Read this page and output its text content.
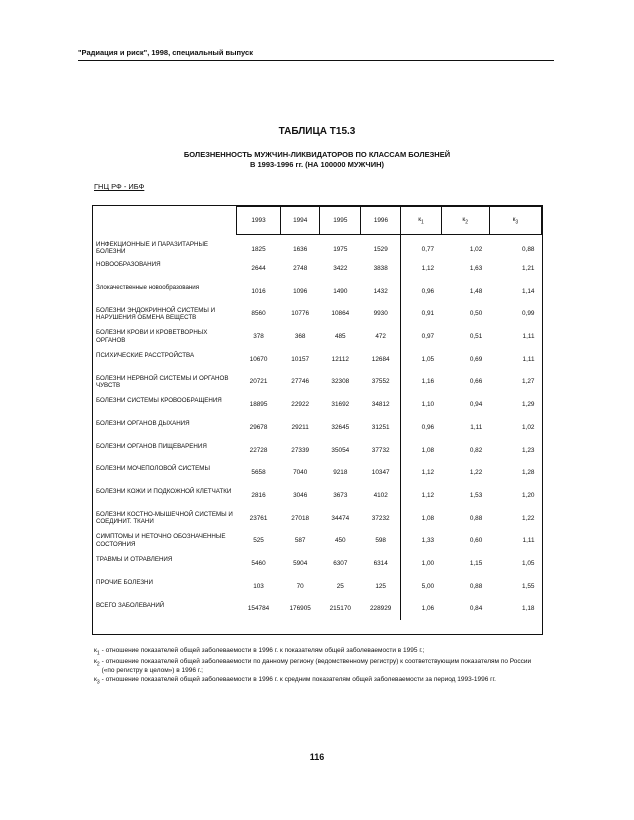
"Радиация и риск", 1998, специальный выпуск
ТАБЛИЦА Т15.3
БОЛЕЗНЕННОСТЬ МУЖЧИН-ЛИКВИДАТОРОВ ПО КЛАССАМ БОЛЕЗНЕЙ
В 1993-1996 гг. (НА 100000 МУЖЧИН)
ГНЦ РФ - ИБФ
	1993	1994	1995	1996	$к_1$	$к_2$	$к_3$
ИНФЕКЦИОННЫЕ И ПАРАЗИТАРНЫЕ БОЛЕЗНИ	1825	1636	1975	1529	0,77	1,02	0,88
НОВООБРАЗОВАНИЯ	2644	2748	3422	3838	1,12	1,63	1,21
Злокачественные новообразования	1016	1096	1490	1432	0,96	1,48	1,14
БОЛЕЗНИ ЭНДОКРИННОЙ СИСТЕМЫ И НАРУШЕНИЯ ОБМЕНА ВЕЩЕСТВ	8560	10776	10864	9930	0,91	0,50	0,99
БОЛЕЗНИ КРОВИ И КРОВЕТВОРНЫХ ОРГАНОВ	378	368	485	472	0,97	0,51	1,11
ПСИХИЧЕСКИЕ РАССТРОЙСТВА	10670	10157	12112	12684	1,05	0,69	1,11
БОЛЕЗНИ НЕРВНОЙ СИСТЕМЫ И ОРГАНОВ ЧУВСТВ	20721	27746	32308	37552	1,16	0,66	1,27
БОЛЕЗНИ СИСТЕМЫ КРОВООБРАЩЕНИЯ	18895	22922	31692	34812	1,10	0,94	1,29
БОЛЕЗНИ ОРГАНОВ ДЫХАНИЯ	29678	29211	32645	31251	0,96	1,11	1,02
БОЛЕЗНИ ОРГАНОВ ПИЩЕВАРЕНИЯ	22728	27339	35054	37732	1,08	0,82	1,23
БОЛЕЗНИ МОЧЕПОЛОВОЙ СИСТЕМЫ	5658	7040	9218	10347	1,12	1,22	1,28
БОЛЕЗНИ КОЖИ И ПОДКОЖНОЙ КЛЕТЧАТКИ	2816	3046	3673	4102	1,12	1,53	1,20
БОЛЕЗНИ КОСТНО-МЫШЕЧНОЙ СИСТЕМЫ И СОЕДИНИТ. ТКАНИ	23761	27018	34474	37232	1,08	0,88	1,22
СИМПТОМЫ И НЕТОЧНО ОБОЗНАЧЕННЫЕ СОСТОЯНИЯ	525	587	450	598	1,33	0,60	1,11
ТРАВМЫ И ОТРАВЛЕНИЯ	5460	5904	6307	6314	1,00	1,15	1,05
ПРОЧИЕ БОЛЕЗНИ	103	70	25	125	5,00	0,88	1,55
ВСЕГО ЗАБОЛЕВАНИЙ	154784	176905	215170	228929	1,06	0,84	1,18
$к_1$ - отношение показателей общей заболеваемости в 1996 г. к показателям общей заболеваемости в 1995 г.;
$к_2$ - отношение показателей общей заболеваемости по данному региону (ведомственному регистру) к соответствующим показателям по России («по регистру в целом») в 1996 г.;
$к_3$ - отношение показателей общей заболеваемости в 1996 г. к средним показателям общей заболеваемости за период 1993-1996 гг.
116
